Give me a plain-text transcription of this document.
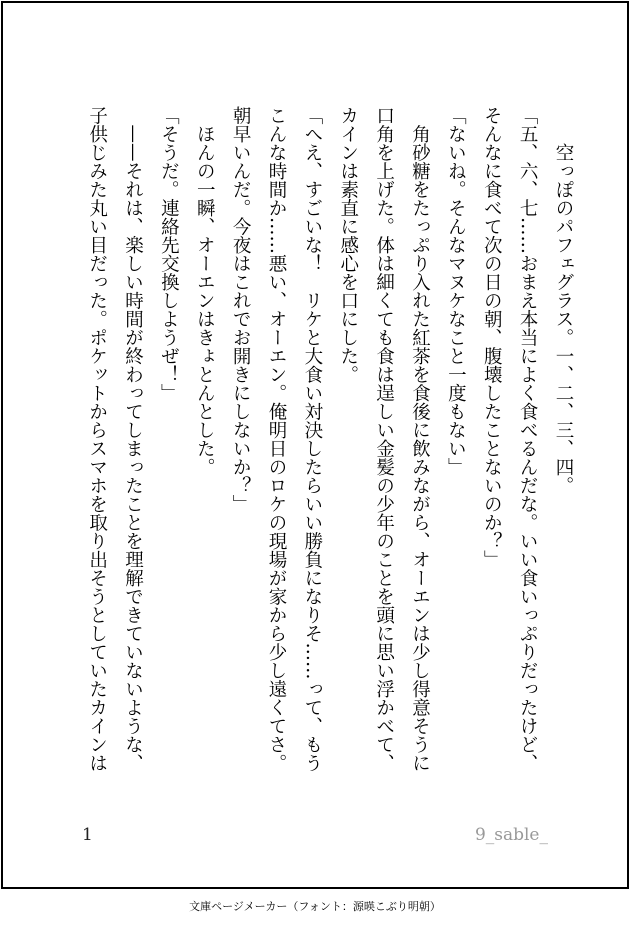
　　空っぽのパフェグラス。一、二、三、四。

「五、六、七……おまえ本当によく食べるんだな。いい食いっぷりだったけど、

そんなに食べて次の日の朝、腹壊したことないのか？」

「ないね。そんなマヌケなこと一度もない」

　角砂糖をたっぷり入れた紅茶を食後に飲みながら、オーエンは少し得意そうに

口角を上げた。体は細くても食は逞しい金髪の少年のことを頭に思い浮かべて、

カインは素直に感心を口にした。

「へえ、すごいな！　リケと大食い対決したらいい勝負になりそ……って、もう

こんな時間か……悪い、オーエン。俺明日のロケの現場が家から少し遠くてさ。

朝早いんだ。今夜はこれでお開きにしないか？」

　ほんの一瞬、オーエンはきょとんとした。

「そうだ。連絡先交換しようぜ！」

　——それは、楽しい時間が終わってしまったことを理解できていないような、

子供じみた丸い目だった。ポケットからスマホを取り出そうとしていたカインは

1	9_sable_
文庫ページメーカー（フォント：源暎こぶり明朝）
